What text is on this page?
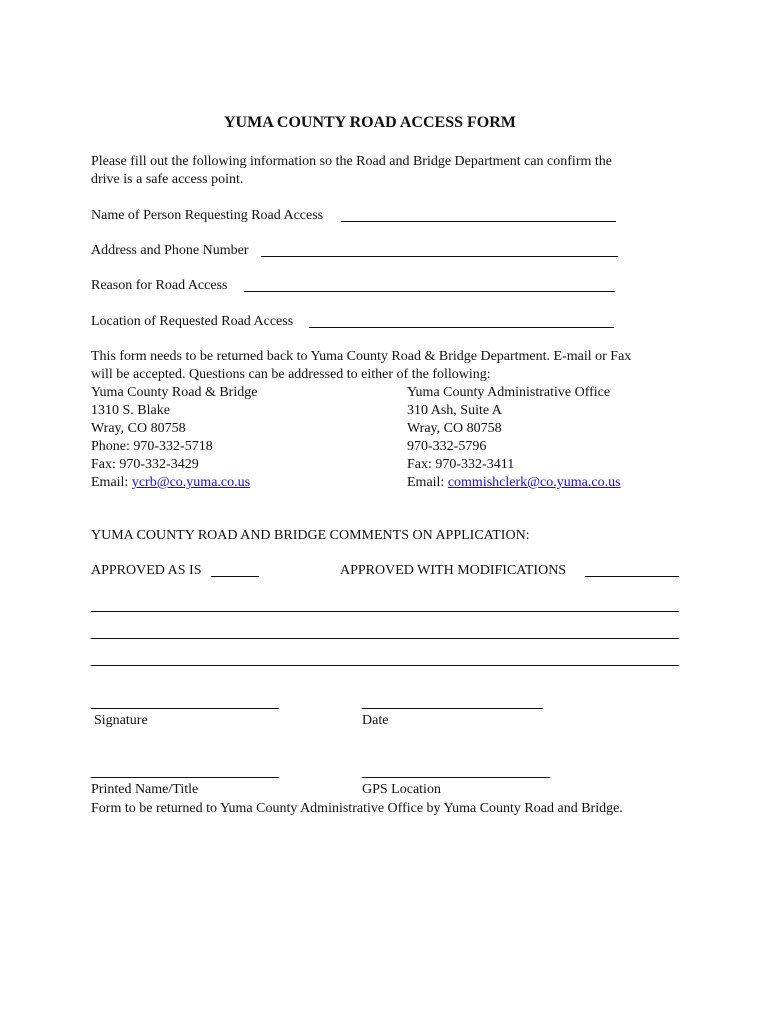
YUMA COUNTY ROAD ACCESS FORM
Please fill out the following information so the Road and Bridge Department can confirm the
drive is a safe access point.
Name of Person Requesting Road Access
Address and Phone Number
Reason for Road Access
Location of Requested Road Access
This form needs to be returned back to Yuma County Road & Bridge Department. E-mail or Fax
will be accepted. Questions can be addressed to either of the following:
Yuma County Road & Bridge
1310 S. Blake
Wray, CO 80758
Phone: 970-332-5718
Fax: 970-332-3429
Email: ycrb@co.yuma.co.us
Yuma County Administrative Office
310 Ash, Suite A
Wray, CO 80758
970-332-5796
Fax: 970-332-3411
Email: commishclerk@co.yuma.co.us
YUMA COUNTY ROAD AND BRIDGE COMMENTS ON APPLICATION:
APPROVED AS IS	APPROVED WITH MODIFICATIONS
Signature	Date
Printed Name/Title	GPS Location
Form to be returned to Yuma County Administrative Office by Yuma County Road and Bridge.
